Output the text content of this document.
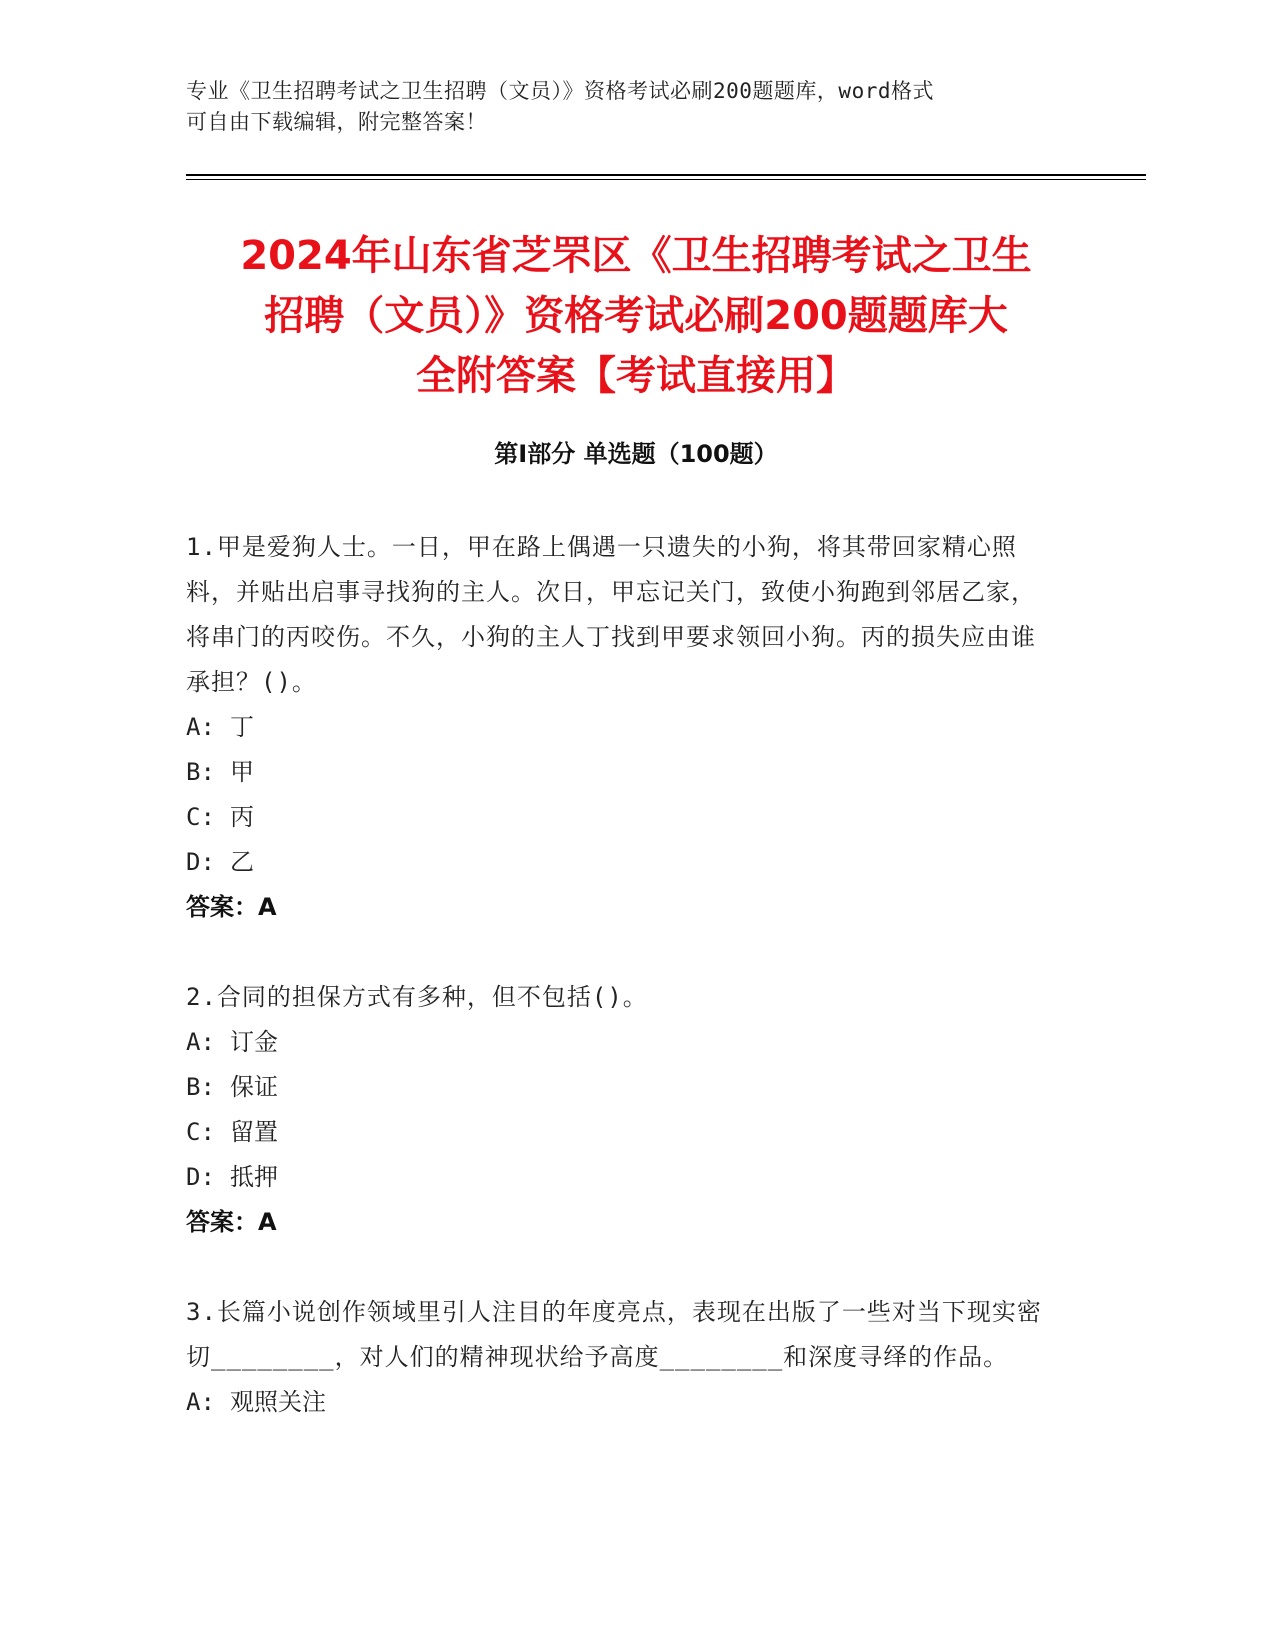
专业《卫生招聘考试之卫生招聘（文员）》资格考试必刷200题题库，word格式
可自由下载编辑，附完整答案！
2024年山东省芝罘区《卫生招聘考试之卫生
招聘（文员）》资格考试必刷200题题库大
全附答案【考试直接用】
第Ⅰ部分 单选题（100题）
1.甲是爱狗人士。一日，甲在路上偶遇一只遗失的小狗，将其带回家精心照料，并贴出启事寻找狗的主人。次日，甲忘记关门，致使小狗跑到邻居乙家，将串门的丙咬伤。不久，小狗的主人丁找到甲要求领回小狗。丙的损失应由谁承担？()。
A: 丁
B: 甲
C: 丙
D: 乙
答案：A
2.合同的担保方式有多种，但不包括()。
A: 订金
B: 保证
C: 留置
D: 抵押
答案：A
3.长篇小说创作领域里引人注目的年度亮点，表现在出版了一些对当下现实密切________，对人们的精神现状给予高度________和深度寻绎的作品。
A: 观照关注
